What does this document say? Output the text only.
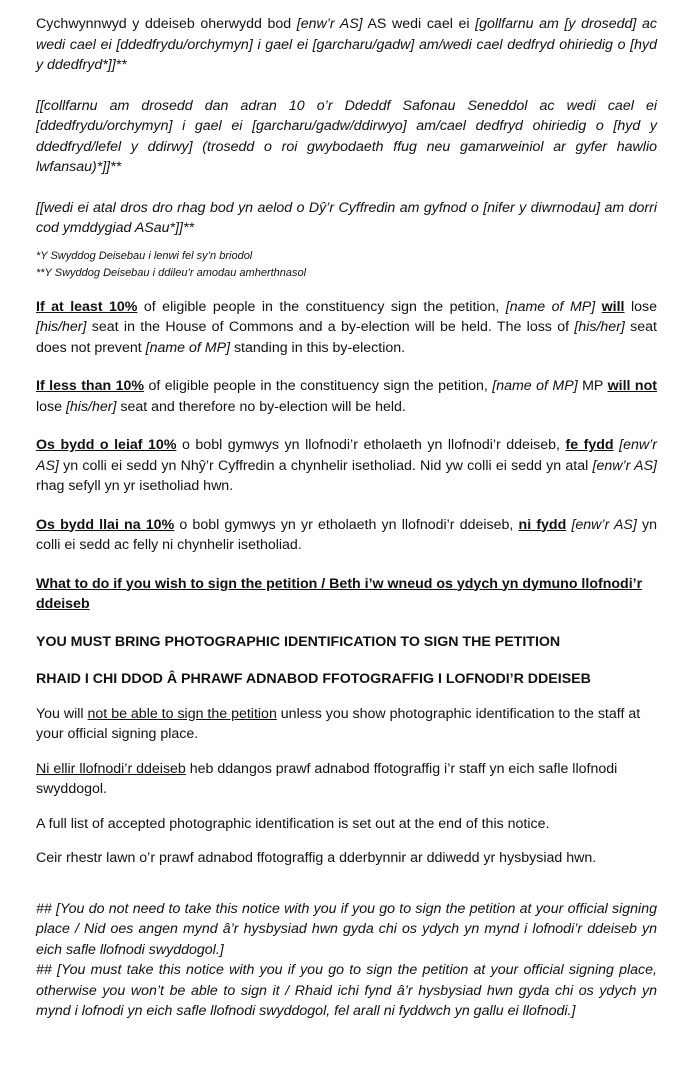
Cychwynnwyd y ddeiseb oherwydd bod [enw’r AS] AS wedi cael ei [gollfarnu am [y drosedd] ac wedi cael ei [ddedfrydu/orchymyn] i gael ei [garcharu/gadw] am/wedi cael dedfryd ohiriedig o [hyd y ddedfryd*]]**

[[collfarnu am drosedd dan adran 10 o’r Ddeddf Safonau Seneddol ac wedi cael ei [ddedfrydu/orchymyn] i gael ei [garcharu/gadw/ddirwyo] am/cael dedfryd ohiriedig o [hyd y ddedfryd/lefel y ddirwy] (trosedd o roi gwybodaeth ffug neu gamarweiniol ar gyfer hawlio lwfansau)*]]**

[[wedi ei atal dros dro rhag bod yn aelod o Dŷ’r Cyffredin am gyfnod o [nifer y diwrnodau] am dorri cod ymddygiad ASau*]]**

*Y Swyddog Deisebau i lenwi fel sy’n briodol

**Y Swyddog Deisebau i ddileu’r amodau amherthnasol

If at least 10% of eligible people in the constituency sign the petition, [name of MP] will lose [his/her] seat in the House of Commons and a by-election will be held. The loss of [his/her] seat does not prevent [name of MP] standing in this by-election.

If less than 10% of eligible people in the constituency sign the petition, [name of MP] MP will not lose [his/her] seat and therefore no by-election will be held.

Os bydd o leiaf 10% o bobl gymwys yn llofnodi’r etholaeth yn llofnodi’r ddeiseb, fe fydd [enw’r AS] yn colli ei sedd yn Nhŷ’r Cyffredin a chynhelir isetholiad. Nid yw colli ei sedd yn atal [enw’r AS] rhag sefyll yn yr isetholiad hwn.

Os bydd llai na 10% o bobl gymwys yn yr etholaeth yn llofnodi’r ddeiseb, ni fydd [enw’r AS] yn colli ei sedd ac felly ni chynhelir isetholiad.

What to do if you wish to sign the petition / Beth i’w wneud os ydych yn dymuno llofnodi’r ddeiseb

YOU MUST BRING PHOTOGRAPHIC IDENTIFICATION TO SIGN THE PETITION

RHAID I CHI DDOD Â PHRAWF ADNABOD FFOTOGRAFFIG I LOFNODI’R DDEISEB

You will not be able to sign the petition unless you show photographic identification to the staff at your official signing place.

Ni ellir llofnodi’r ddeiseb heb ddangos prawf adnabod ffotograffig i’r staff yn eich safle llofnodi swyddogol.

A full list of accepted photographic identification is set out at the end of this notice.

Ceir rhestr lawn o’r prawf adnabod ffotograffig a dderbynnir ar ddiwedd yr hysbysiad hwn.

## [You do not need to take this notice with you if you go to sign the petition at your official signing place / Nid oes angen mynd â’r hysbysiad hwn gyda chi os ydych yn mynd i lofnodi’r ddeiseb yn eich safle llofnodi swyddogol.]

## [You must take this notice with you if you go to sign the petition at your official signing place, otherwise you won’t be able to sign it / Rhaid ichi fynd â’r hysbysiad hwn gyda chi os ydych yn mynd i lofnodi yn eich safle llofnodi swyddogol, fel arall ni fyddwch yn gallu ei llofnodi.]
